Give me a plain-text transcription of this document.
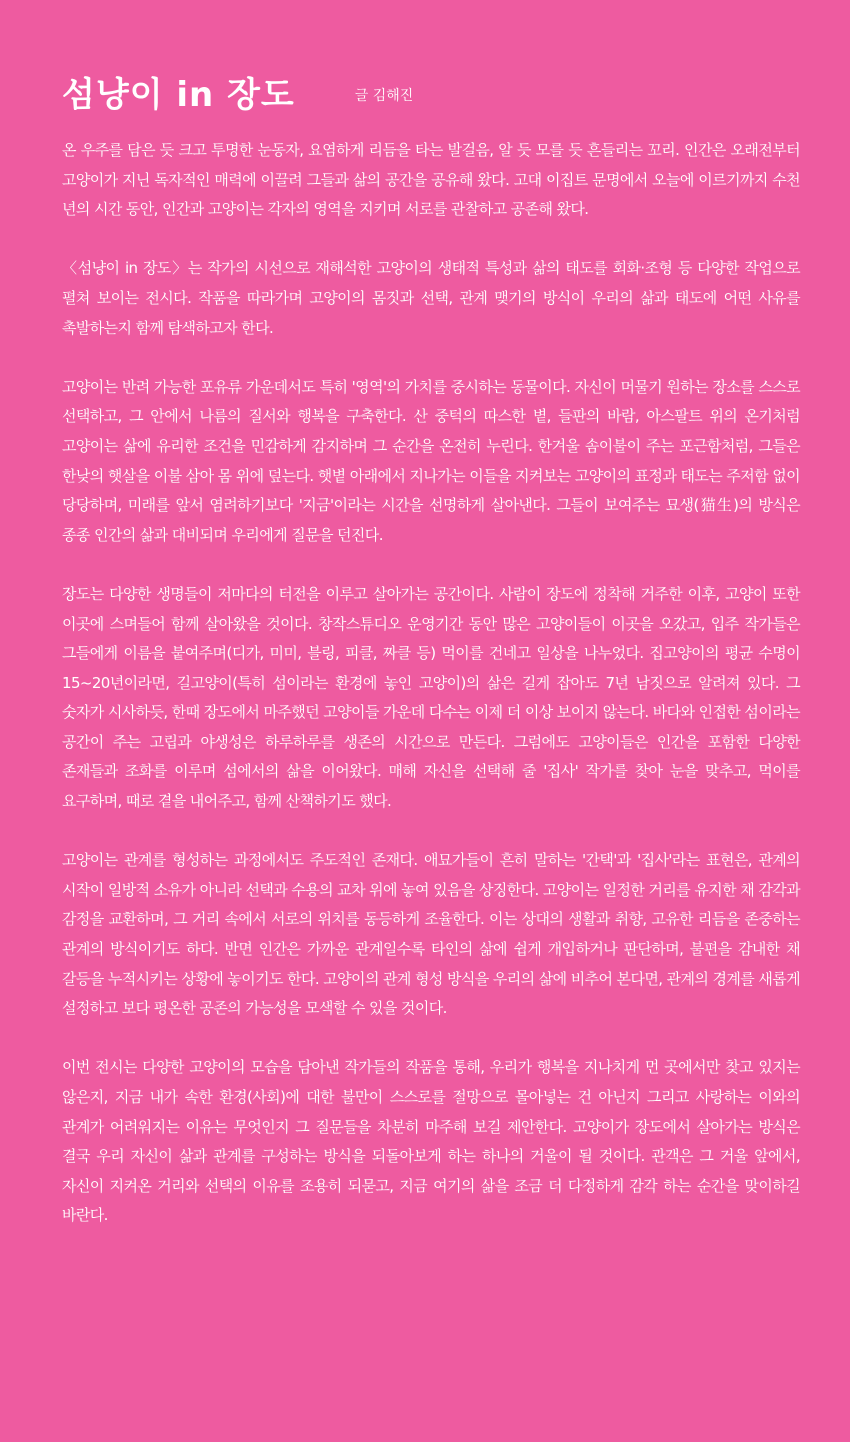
섬냥이 in 장도	글 김해진

온 우주를 담은 듯 크고 투명한 눈동자, 요염하게 리듬을 타는 발걸음, 알 듯 모를 듯 흔들리는 꼬리. 인간은 오래전부터 고양이가 지닌 독자적인 매력에 이끌려 그들과 삶의 공간을 공유해 왔다. 고대 이집트 문명에서 오늘에 이르기까지 수천 년의 시간 동안, 인간과 고양이는 각자의 영역을 지키며 서로를 관찰하고 공존해 왔다.

〈섬냥이 in 장도〉는 작가의 시선으로 재해석한 고양이의 생태적 특성과 삶의 태도를 회화·조형 등 다양한 작업으로 펼쳐 보이는 전시다. 작품을 따라가며 고양이의 몸짓과 선택, 관계 맺기의 방식이 우리의 삶과 태도에 어떤 사유를 촉발하는지 함께 탐색하고자 한다.

고양이는 반려 가능한 포유류 가운데서도 특히 '영역'의 가치를 중시하는 동물이다. 자신이 머물기 원하는 장소를 스스로 선택하고, 그 안에서 나름의 질서와 행복을 구축한다. 산 중턱의 따스한 볕, 들판의 바람, 아스팔트 위의 온기처럼 고양이는 삶에 유리한 조건을 민감하게 감지하며 그 순간을 온전히 누린다. 한겨울 솜이불이 주는 포근함처럼, 그들은 한낮의 햇살을 이불 삼아 몸 위에 덮는다. 햇볕 아래에서 지나가는 이들을 지켜보는 고양이의 표정과 태도는 주저함 없이 당당하며, 미래를 앞서 염려하기보다 '지금'이라는 시간을 선명하게 살아낸다. 그들이 보여주는 묘생(猫生)의 방식은 종종 인간의 삶과 대비되며 우리에게 질문을 던진다.

장도는 다양한 생명들이 저마다의 터전을 이루고 살아가는 공간이다. 사람이 장도에 정착해 거주한 이후, 고양이 또한 이곳에 스며들어 함께 살아왔을 것이다. 창작스튜디오 운영기간 동안 많은 고양이들이 이곳을 오갔고, 입주 작가들은 그들에게 이름을 붙여주며(디가, 미미, 블링, 피클, 짜클 등) 먹이를 건네고 일상을 나누었다. 집고양이의 평균 수명이 15~20년이라면, 길고양이(특히 섬이라는 환경에 놓인 고양이)의 삶은 길게 잡아도 7년 남짓으로 알려져 있다. 그 숫자가 시사하듯, 한때 장도에서 마주했던 고양이들 가운데 다수는 이제 더 이상 보이지 않는다. 바다와 인접한 섬이라는 공간이 주는 고립과 야생성은 하루하루를 생존의 시간으로 만든다. 그럼에도 고양이들은 인간을 포함한 다양한 존재들과 조화를 이루며 섬에서의 삶을 이어왔다. 매해 자신을 선택해 줄 '집사' 작가를 찾아 눈을 맞추고, 먹이를 요구하며, 때로 곁을 내어주고, 함께 산책하기도 했다.

고양이는 관계를 형성하는 과정에서도 주도적인 존재다. 애묘가들이 흔히 말하는 '간택'과 '집사'라는 표현은, 관계의 시작이 일방적 소유가 아니라 선택과 수용의 교차 위에 놓여 있음을 상징한다. 고양이는 일정한 거리를 유지한 채 감각과 감정을 교환하며, 그 거리 속에서 서로의 위치를 동등하게 조율한다. 이는 상대의 생활과 취향, 고유한 리듬을 존중하는 관계의 방식이기도 하다. 반면 인간은 가까운 관계일수록 타인의 삶에 쉽게 개입하거나 판단하며, 불편을 감내한 채 갈등을 누적시키는 상황에 놓이기도 한다. 고양이의 관계 형성 방식을 우리의 삶에 비추어 본다면, 관계의 경계를 새롭게 설정하고 보다 평온한 공존의 가능성을 모색할 수 있을 것이다.

이번 전시는 다양한 고양이의 모습을 담아낸 작가들의 작품을 통해, 우리가 행복을 지나치게 먼 곳에서만 찾고 있지는 않은지, 지금 내가 속한 환경(사회)에 대한 불만이 스스로를 절망으로 몰아넣는 건 아닌지 그리고 사랑하는 이와의 관계가 어려워지는 이유는 무엇인지 그 질문들을 차분히 마주해 보길 제안한다. 고양이가 장도에서 살아가는 방식은 결국 우리 자신이 삶과 관계를 구성하는 방식을 되돌아보게 하는 하나의 거울이 될 것이다. 관객은 그 거울 앞에서, 자신이 지켜온 거리와 선택의 이유를 조용히 되묻고, 지금 여기의 삶을 조금 더 다정하게 감각 하는 순간을 맞이하길 바란다.
